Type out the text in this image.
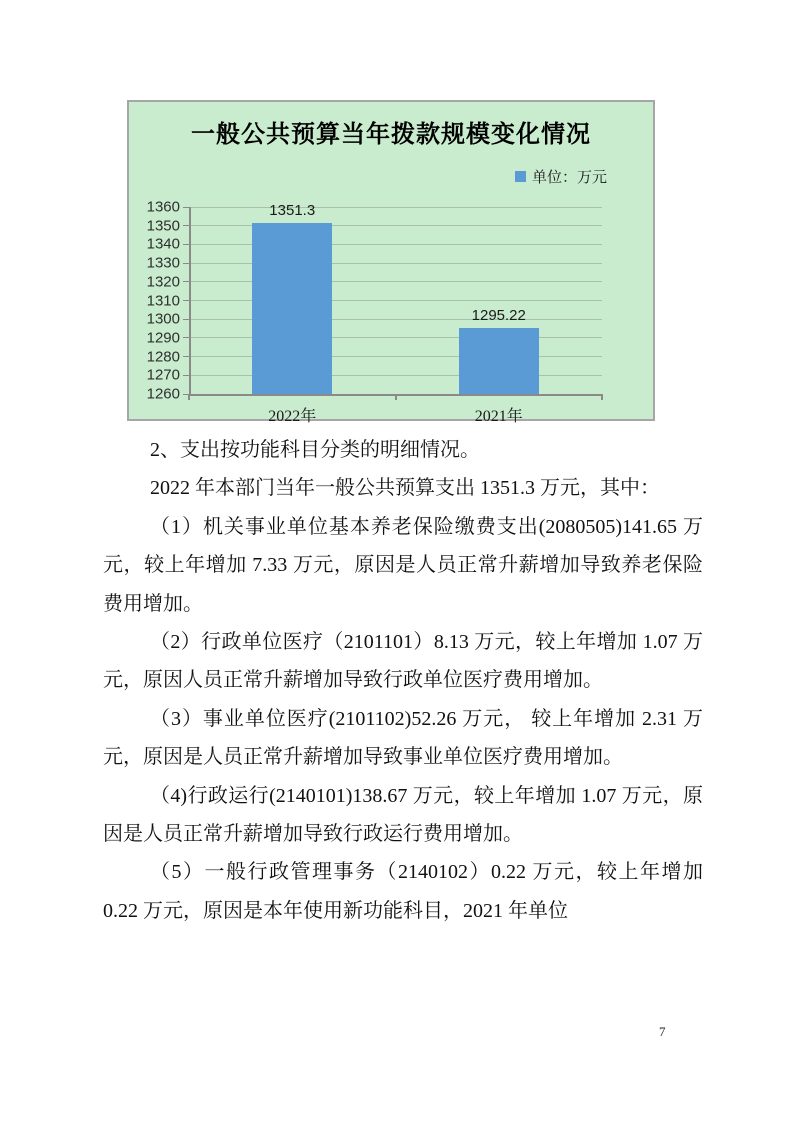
一般公共预算当年拨款规模变化情况
单位：万元
1360
1350
1340
1330
1320
1310
1300
1290
1280
1270
1260
1351.3
2022年
1295.22
2021年

2、支出按功能科目分类的明细情况。

2022 年本部门当年一般公共预算支出 1351.3 万元，其中：

（1）机关事业单位基本养老保险缴费支出(2080505)141.65 万元，较上年增加 7.33 万元，原因是人员正常升薪增加导致养老保险费用增加。

（2）行政单位医疗（2101101）8.13 万元，较上年增加 1.07 万元，原因人员正常升薪增加导致行政单位医疗费用增加。

（3）事业单位医疗(2101102)52.26 万元， 较上年增加 2.31 万元，原因是人员正常升薪增加导致事业单位医疗费用增加。

（4)行政运行(2140101)138.67 万元，较上年增加 1.07 万元，原因是人员正常升薪增加导致行政运行费用增加。

（5）一般行政管理事务（2140102）0.22 万元，较上年增加 0.22 万元，原因是本年使用新功能科目，2021 年单位

7
